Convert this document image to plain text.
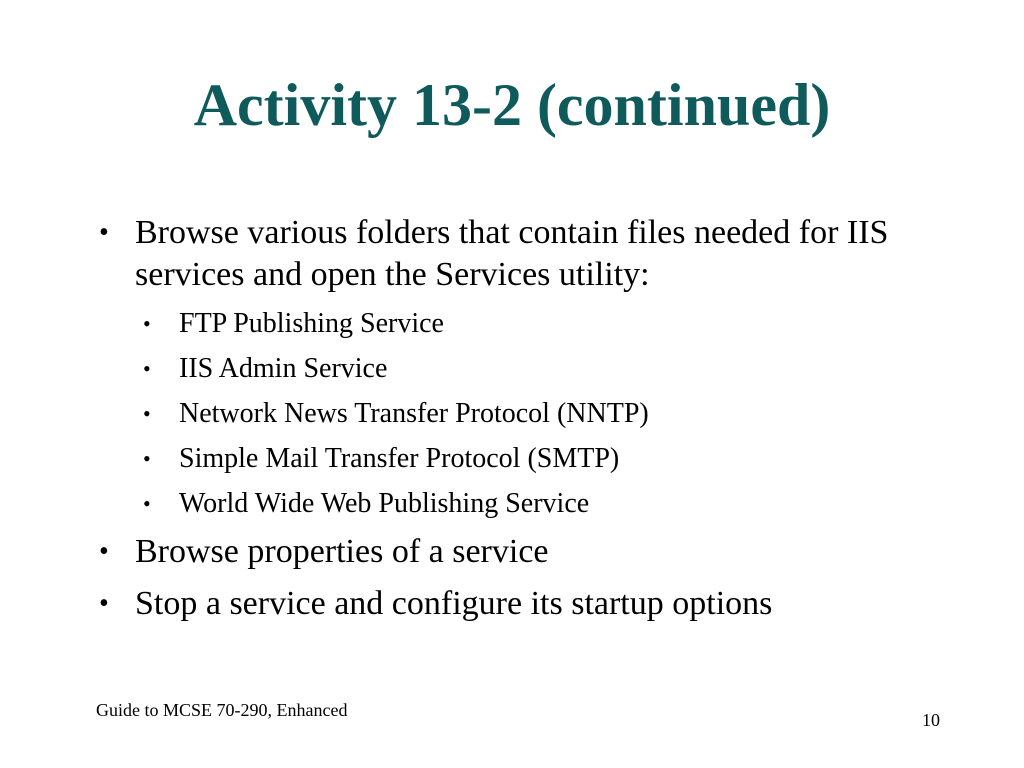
Activity 13-2 (continued)
• Browse various folders that contain files needed for IIS services and open the Services utility:
• FTP Publishing Service
• IIS Admin Service
• Network News Transfer Protocol (NNTP)
• Simple Mail Transfer Protocol (SMTP)
• World Wide Web Publishing Service
• Browse properties of a service
• Stop a service and configure its startup options
Guide to MCSE 70-290, Enhanced	10
